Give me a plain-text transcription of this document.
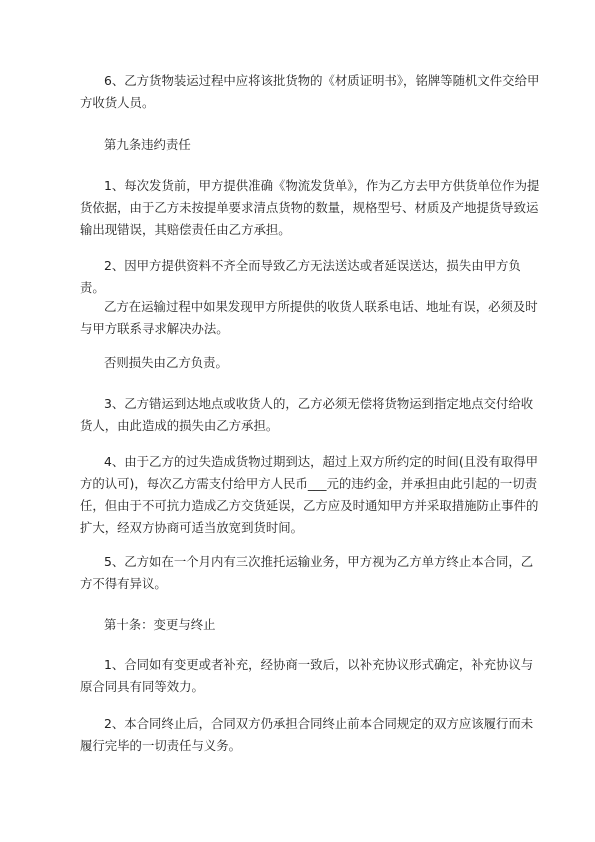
6、乙方货物装运过程中应将该批货物的《材质证明书》，铭牌等随机文件交给甲方收货人员。

第九条违约责任

1、每次发货前，甲方提供准确《物流发货单》，作为乙方去甲方供货单位作为提货依据，由于乙方未按提单要求清点货物的数量，规格型号、材质及产地提货导致运输出现错误，其赔偿责任由乙方承担。

2、因甲方提供资料不齐全而导致乙方无法送达或者延误送达，损失由甲方负责。

乙方在运输过程中如果发现甲方所提供的收货人联系电话、地址有误，必须及时与甲方联系寻求解决办法。

否则损失由乙方负责。

3、乙方错运到达地点或收货人的，乙方必须无偿将货物运到指定地点交付给收货人，由此造成的损失由乙方承担。

4、由于乙方的过失造成货物过期到达，超过上双方所约定的时间(且没有取得甲方的认可)，每次乙方需支付给甲方人民币___元的违约金，并承担由此引起的一切责任，但由于不可抗力造成乙方交货延误，乙方应及时通知甲方并采取措施防止事件的扩大，经双方协商可适当放宽到货时间。

5、乙方如在一个月内有三次推托运输业务，甲方视为乙方单方终止本合同，乙方不得有异议。

第十条：变更与终止

1、合同如有变更或者补充，经协商一致后，以补充协议形式确定，补充协议与原合同具有同等效力。

2、本合同终止后，合同双方仍承担合同终止前本合同规定的双方应该履行而未履行完毕的一切责任与义务。
